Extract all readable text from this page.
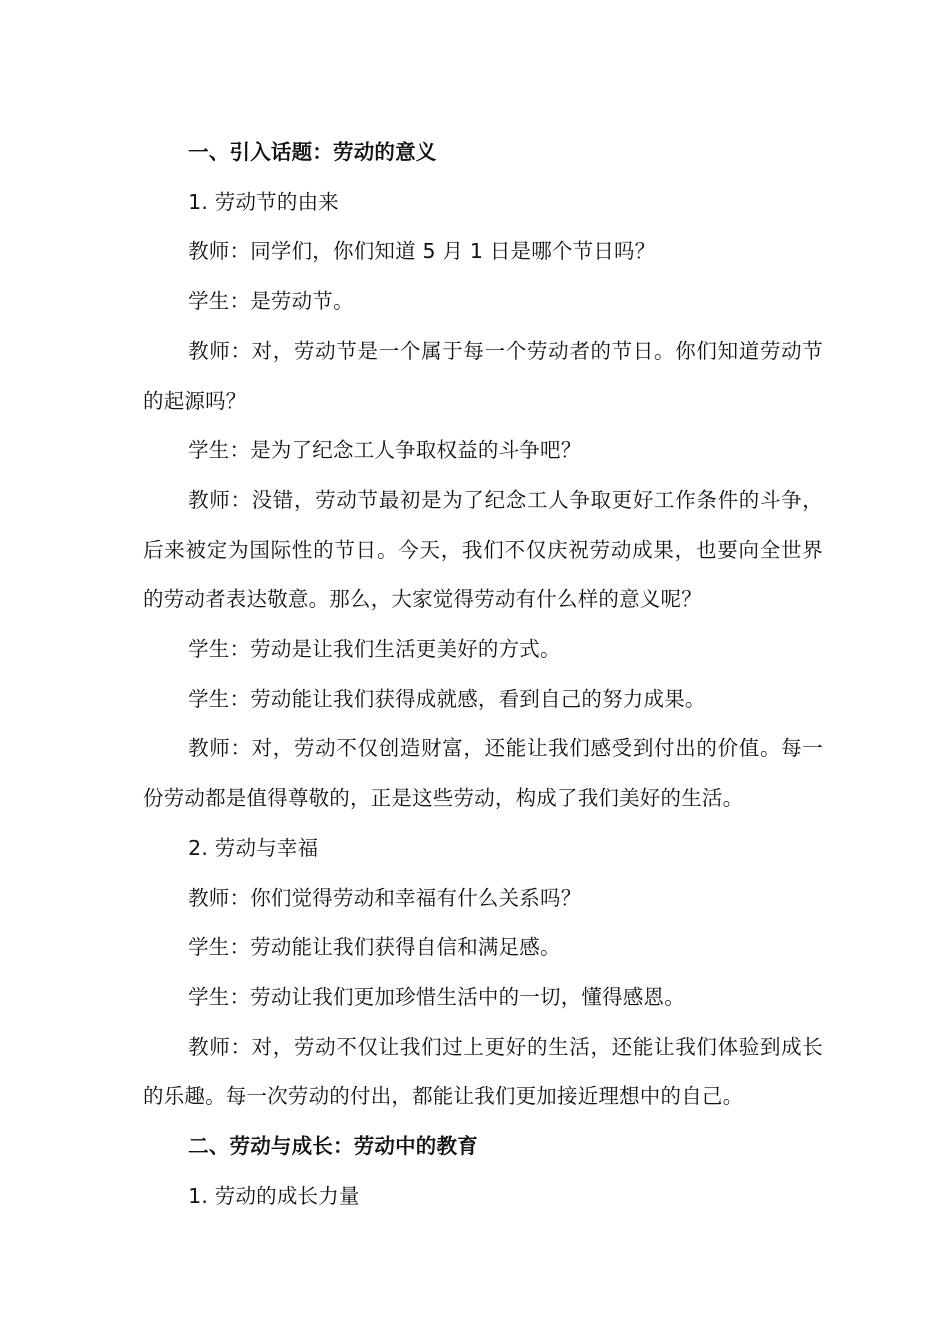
一、引入话题：劳动的意义

1. 劳动节的由来

教师：同学们，你们知道 5 月 1 日是哪个节日吗？

学生：是劳动节。

教师：对，劳动节是一个属于每一个劳动者的节日。你们知道劳动节的起源吗？

学生：是为了纪念工人争取权益的斗争吧？

教师：没错，劳动节最初是为了纪念工人争取更好工作条件的斗争，后来被定为国际性的节日。今天，我们不仅庆祝劳动成果，也要向全世界的劳动者表达敬意。那么，大家觉得劳动有什么样的意义呢？

学生：劳动是让我们生活更美好的方式。

学生：劳动能让我们获得成就感，看到自己的努力成果。

教师：对，劳动不仅创造财富，还能让我们感受到付出的价值。每一份劳动都是值得尊敬的，正是这些劳动，构成了我们美好的生活。

2. 劳动与幸福

教师：你们觉得劳动和幸福有什么关系吗？

学生：劳动能让我们获得自信和满足感。

学生：劳动让我们更加珍惜生活中的一切，懂得感恩。

教师：对，劳动不仅让我们过上更好的生活，还能让我们体验到成长的乐趣。每一次劳动的付出，都能让我们更加接近理想中的自己。

二、劳动与成长：劳动中的教育

1. 劳动的成长力量
